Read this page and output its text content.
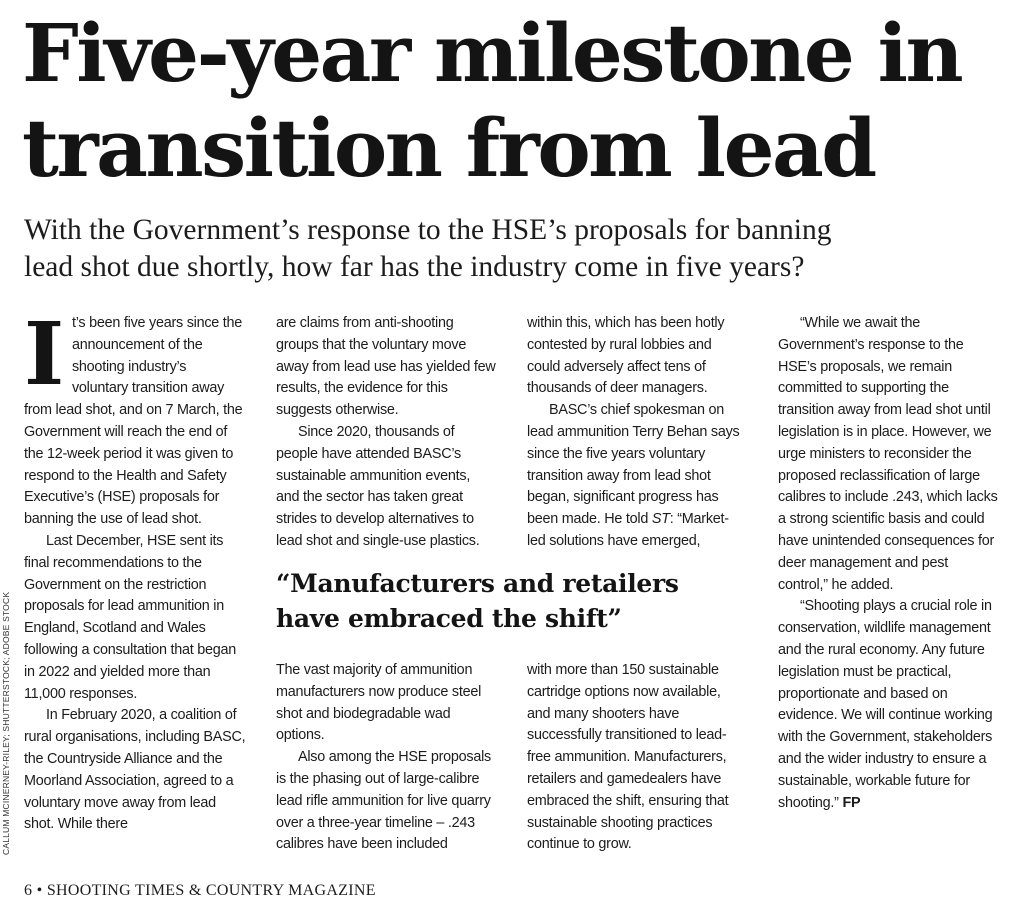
Five-year milestone in
transition from lead

With the Government’s response to the HSE’s proposals for banning
lead shot due shortly, how far has the industry come in five years?

CALLUM MCINERNEY-RILEY; SHUTTERSTOCK; ADOBE STOCK
I t’s been five years since the announcement of the shooting industry’s voluntary transition away from lead shot, and on 7 March, the Government will reach the end of the 12-week period it was given to respond to the Health and Safety Executive’s (HSE) proposals for banning the use of lead shot.

Last December, HSE sent its final recommendations to the Government on the restriction proposals for lead ammunition in England, Scotland and Wales following a consultation that began in 2022 and yielded more than 11,000 responses.

In February 2020, a coalition of rural organisations, including BASC, the Countryside Alliance and the Moorland Association, agreed to a voluntary move away from lead shot. While there

are claims from anti-shooting groups that the voluntary move away from lead use has yielded few results, the evidence for this suggests otherwise.

Since 2020, thousands of people have attended BASC’s sustainable ammunition events, and the sector has taken great strides to develop alternatives to lead shot and single-use plastics.

within this, which has been hotly contested by rural lobbies and could adversely affect tens of thousands of deer managers.

BASC’s chief spokesman on lead ammunition Terry Behan says since the five years voluntary transition away from lead shot began, significant progress has been made. He told ST: “Market-led solutions have emerged,

“Manufacturers and retailers
have embraced the shift”

The vast majority of ammunition manufacturers now produce steel shot and biodegradable wad options.

Also among the HSE proposals is the phasing out of large-calibre lead rifle ammunition for live quarry over a three-year timeline – .243 calibres have been included

with more than 150 sustainable cartridge options now available, and many shooters have successfully transitioned to lead-free ammunition. Manufacturers, retailers and gamedealers have embraced the shift, ensuring that sustainable shooting practices continue to grow.

“While we await the Government’s response to the HSE’s proposals, we remain committed to supporting the transition away from lead shot until legislation is in place. However, we urge ministers to reconsider the proposed reclassification of large calibres to include .243, which lacks a strong scientific basis and could have unintended consequences for deer management and pest control,” he added.

“Shooting plays a crucial role in conservation, wildlife management and the rural economy. Any future legislation must be practical, proportionate and based on evidence. We will continue working with the Government, stakeholders and the wider industry to ensure a sustainable, workable future for shooting.” FP

6 • SHOOTING TIMES & COUNTRY MAGAZINE
